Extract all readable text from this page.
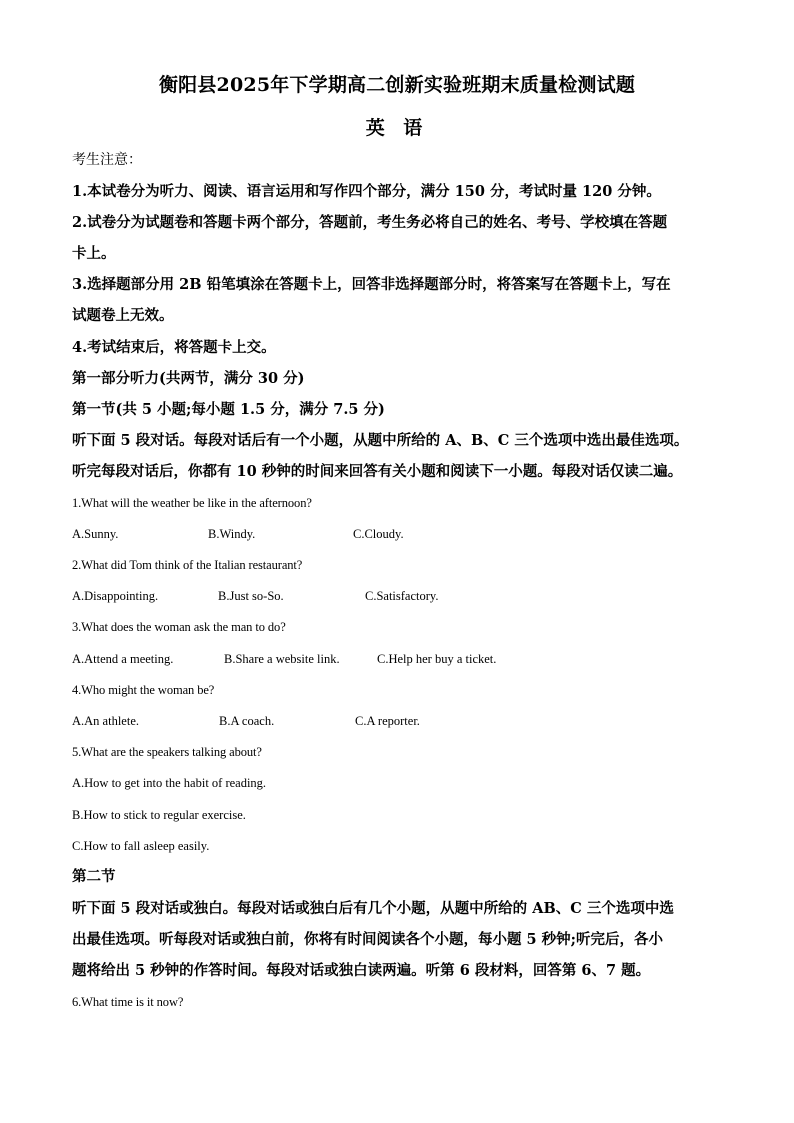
衡阳县2025年下学期高二创新实验班期末质量检测试题
英 语
考生注意：
1.本试卷分为听力、阅读、语言运用和写作四个部分，满分 150 分，考试时量 120 分钟。
2.试卷分为试题卷和答题卡两个部分，答题前，考生务必将自己的姓名、考号、学校填在答题
卡上。
3.选择题部分用 2B 铅笔填涂在答题卡上，回答非选择题部分时，将答案写在答题卡上，写在
试题卷上无效。
4.考试结束后，将答题卡上交。
第一部分听力(共两节，满分 30 分)
第一节(共 5 小题;每小题 1.5 分，满分 7.5 分)
听下面 5 段对话。每段对话后有一个小题，从题中所给的 A、B、C 三个选项中选出最佳选项。
听完每段对话后，你都有 10 秒钟的时间来回答有关小题和阅读下一小题。每段对话仅读二遍。
1.What will the weather be like in the afternoon?
A.Sunny.	B.Windy.	C.Cloudy.
2.What did Tom think of the Italian restaurant?
A.Disappointing.	B.Just so-So.	C.Satisfactory.
3.What does the woman ask the man to do?
A.Attend a meeting.	B.Share a website link.	C.Help her buy a ticket.
4.Who might the woman be?
A.An athlete.	B.A coach.	C.A reporter.
5.What are the speakers talking about?
A.How to get into the habit of reading.
B.How to stick to regular exercise.
C.How to fall asleep easily.
第二节
听下面 5 段对话或独白。每段对话或独白后有几个小题，从题中所给的 AB、C 三个选项中选
出最佳选项。听每段对话或独白前，你将有时间阅读各个小题，每小题 5 秒钟;听完后，各小
题将给出 5 秒钟的作答时间。每段对话或独白读两遍。听第 6 段材料，回答第 6、7 题。
6.What time is it now?
